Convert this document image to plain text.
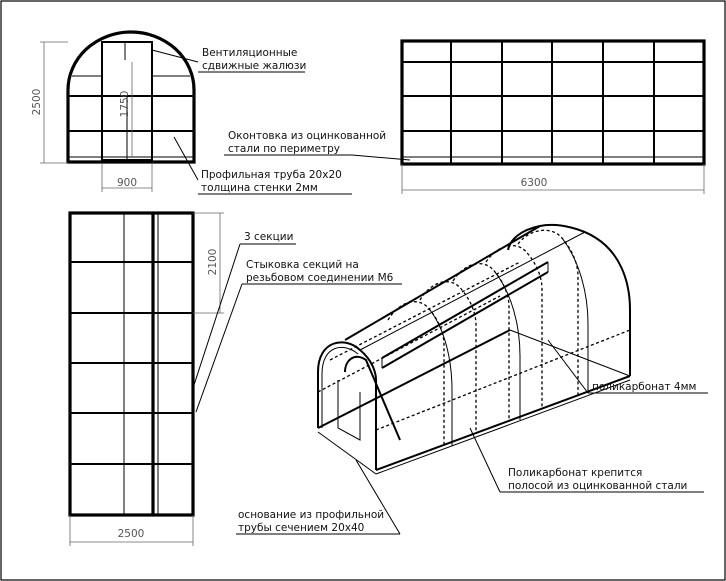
2500	1750
900
Вентиляционные
сдвижные жалюзи
Профильная труба 20х20
толщина стенки 2мм	6300
Оконтовка из оцинкованной
стали по периметру
2100
2500
3 секции
Стыковка секций на
резьбовом соединении М6
поликарбонат 4мм
Поликарбонат крепится
полосой из оцинкованной стали
основание из профильной
трубы сечением 20х40
